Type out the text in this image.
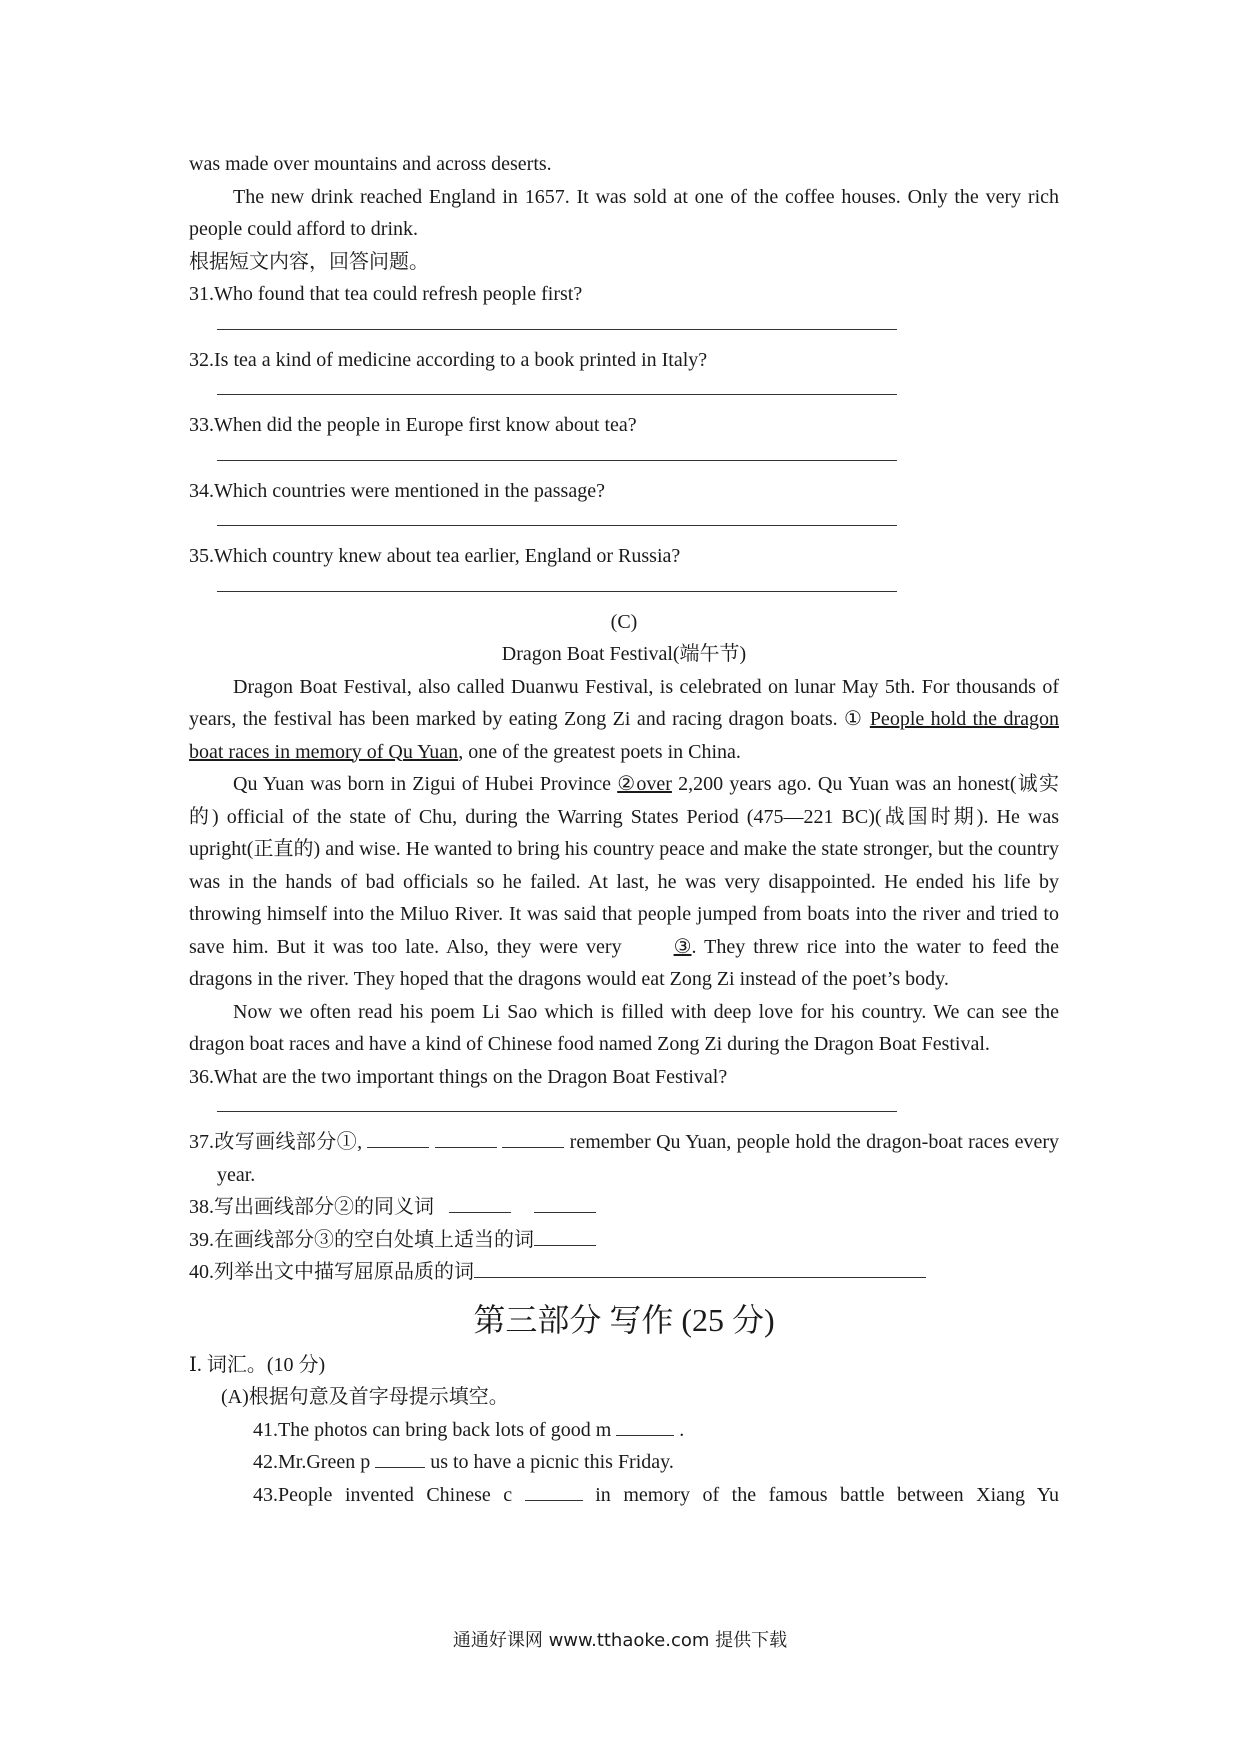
was made over mountains and across deserts.

The new drink reached England in 1657. It was sold at one of the coffee houses. Only the very rich people could afford to drink.

根据短文内容，回答问题。

31.Who found that tea could refresh people first?

32.Is tea a kind of medicine according to a book printed in Italy?

33.When did the people in Europe first know about tea?

34.Which countries were mentioned in the passage?

35.Which country knew about tea earlier, England or Russia?

(C)

Dragon Boat Festival(端午节)

Dragon Boat Festival, also called Duanwu Festival, is celebrated on lunar May 5th. For thousands of years, the festival has been marked by eating Zong Zi and racing dragon boats. ① People hold the dragon boat races in memory of Qu Yuan, one of the greatest poets in China.

Qu Yuan was born in Zigui of Hubei Province ②over 2,200 years ago. Qu Yuan was an honest(诚实的) official of the state of Chu, during the Warring States Period (475—221 BC)(战国时期). He was upright(正直的) and wise. He wanted to bring his country peace and make the state stronger, but the country was in the hands of bad officials so he failed. At last, he was very disappointed. He ended his life by throwing himself into the Miluo River. It was said that people jumped from boats into the river and tried to save him. But it was too late. Also, they were very	③. They threw rice into the water to feed the dragons in the river. They hoped that the dragons would eat Zong Zi instead of the poet’s body.

Now we often read his poem Li Sao which is filled with deep love for his country. We can see the dragon boat races and have a kind of Chinese food named Zong Zi during the Dragon Boat Festival.

36.What are the two important things on the Dragon Boat Festival?

37.改写画线部分①,	remember Qu Yuan, people hold the dragon-boat races every year.

38.写出画线部分②的同义词

39.在画线部分③的空白处填上适当的词

40.列举出文中描写屈原品质的词

第三部分 写作 (25 分)

Ⅰ. 词汇。(10 分)

(A)根据句意及首字母提示填空。

41.The photos can bring back lots of good m	.

42.Mr.Green p	us to have a picnic this Friday.

43.People invented Chinese c	in memory of the famous battle between Xiang Yu

通通好课网 www.tthaoke.com 提供下载
